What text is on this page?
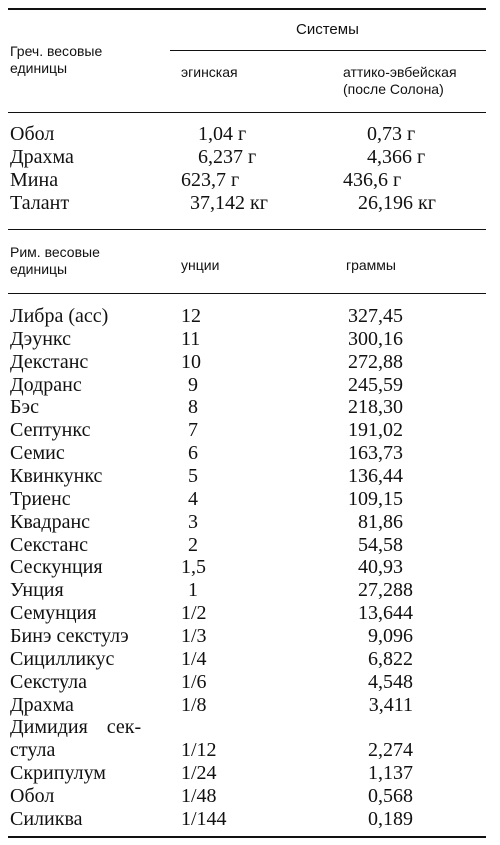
Системы
Греч. весовые
единицы	эгинская	аттико-эвбейская
(после Солона)
Обол	1,04 г	0,73 г
Драхма	6,237 г	4,366 г
Мина	623,7 г	436,6 г
Талант	37,142 кг	26,196 кг
Рим. весовые
единицы	унции	граммы
Либра (асс)	12	327,45
Дэункс	11	300,16
Декстанс	10	272,88
Додранс	9	245,59
Бэс	8	218,30
Септункс	7	191,02
Семис	6	163,73
Квинкункс	5	136,44
Триенс	4	109,15
Квадранс	3	81,86
Секстанс	2	54,58
Сескунция	1,5	40,93
Унция	1	27,288
Семунция	1/2	13,644
Бинэ секстулэ	1/3	9,096
Сицилликус	1/4	6,822
Секстула	1/6	4,548
Драхма	1/8	3,411
Димидия сек-
стула	1/12	2,274
Скрипулум	1/24	1,137
Обол	1/48	0,568
Силиква	1/144	0,189
